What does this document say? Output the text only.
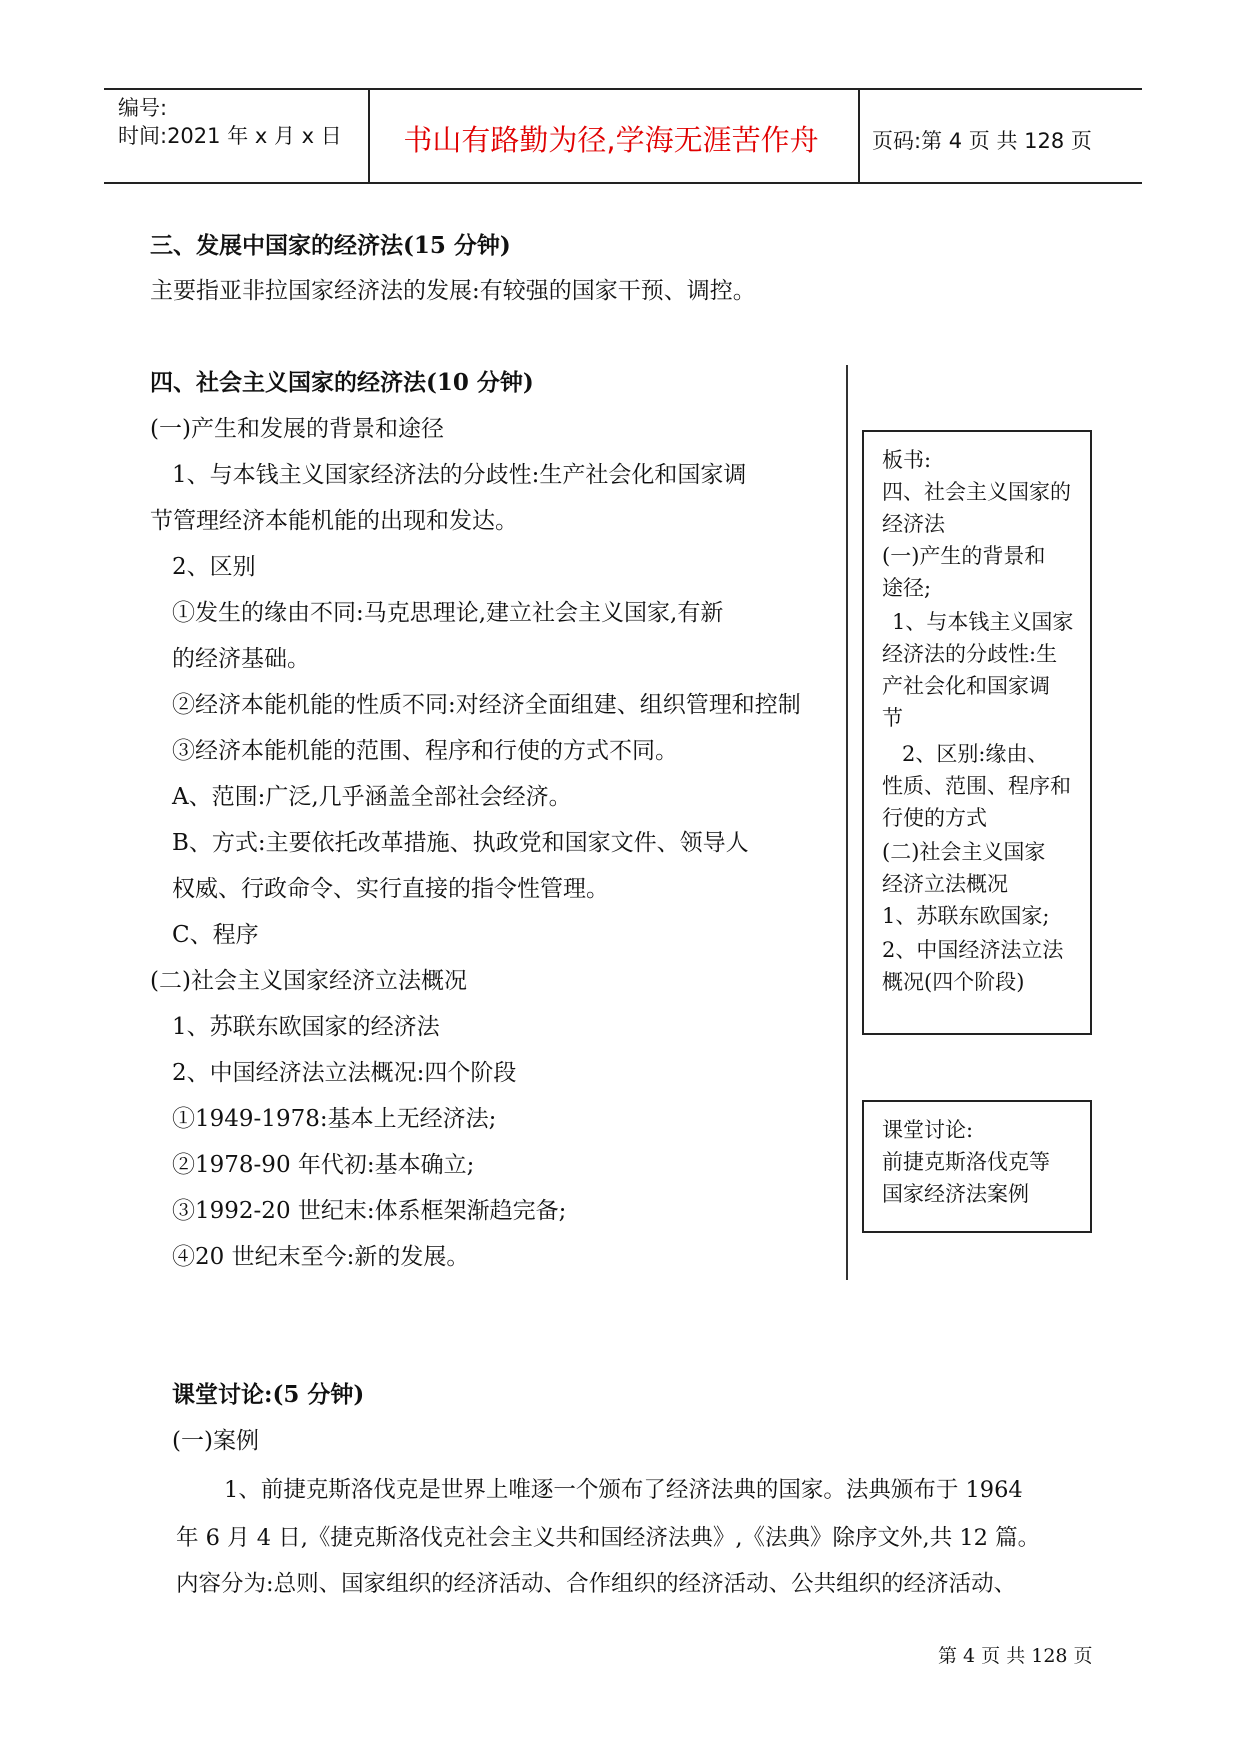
编号:
时间:2021 年 x 月 x 日	书山有路勤为径,学海无涯苦作舟	页码:第 4 页 共 128 页
三、发展中国家的经济法(15 分钟)
主要指亚非拉国家经济法的发展:有较强的国家干预、调控。
四、社会主义国家的经济法(10 分钟)
(一)产生和发展的背景和途径
1、与本钱主义国家经济法的分歧性:生产社会化和国家调
节管理经济本能机能的出现和发达。
2、区别
①发生的缘由不同:马克思理论,建立社会主义国家,有新
的经济基础。
②经济本能机能的性质不同:对经济全面组建、组织管理和控制
③经济本能机能的范围、程序和行使的方式不同。
A、范围:广泛,几乎涵盖全部社会经济。
B、方式:主要依托改革措施、执政党和国家文件、领导人
权威、行政命令、实行直接的指令性管理。
C、程序
(二)社会主义国家经济立法概况
1、苏联东欧国家的经济法
2、中国经济法立法概况:四个阶段
①1949-1978:基本上无经济法;
②1978-90 年代初:基本确立;
③1992-20 世纪末:体系框架渐趋完备;
④20 世纪末至今:新的发展。
板书:
四、社会主义国家的
经济法
(一)产生的背景和
途径;
1、与本钱主义国家
经济法的分歧性:生
产社会化和国家调
节
2、区别:缘由、
性质、范围、程序和
行使的方式
(二)社会主义国家
经济立法概况
1、苏联东欧国家;
2、中国经济法立法
概况(四个阶段)
课堂讨论:
前捷克斯洛伐克等
国家经济法案例
课堂讨论:(5 分钟)
(一)案例
1、前捷克斯洛伐克是世界上唯逐一个颁布了经济法典的国家。法典颁布于 1964
年 6 月 4 日,《捷克斯洛伐克社会主义共和国经济法典》,《法典》除序文外,共 12 篇。
内容分为:总则、国家组织的经济活动、合作组织的经济活动、公共组织的经济活动、
第 4 页 共 128 页
